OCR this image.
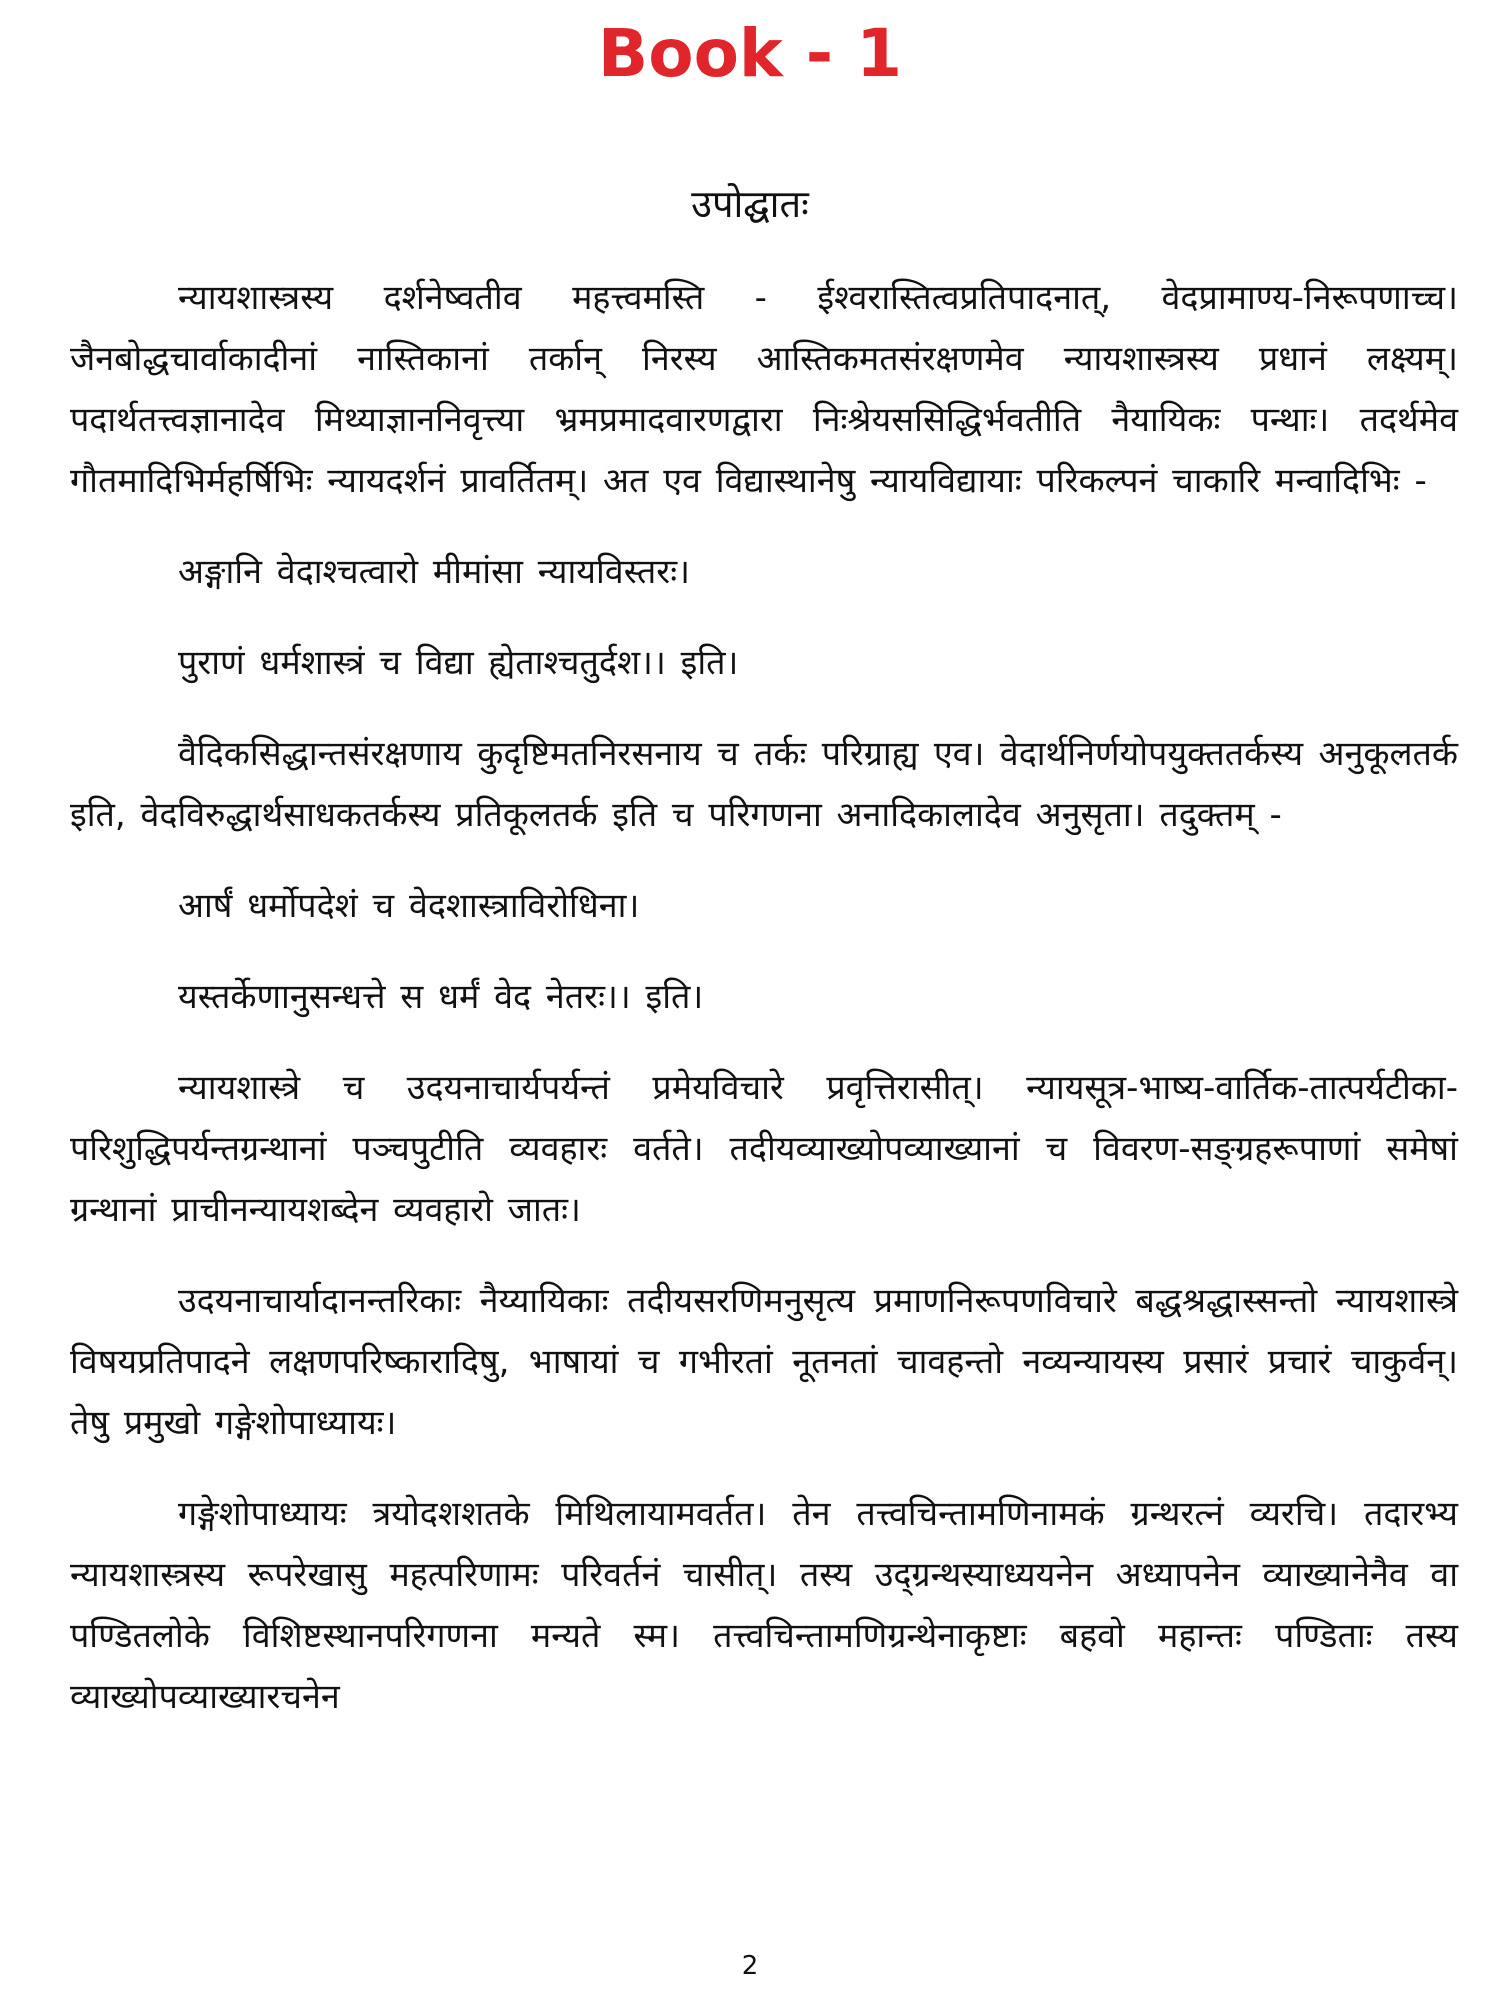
Book - 1
उपोद्घातः

न्यायशास्त्रस्य दर्शनेष्वतीव महत्त्वमस्ति - ईश्वरास्तित्वप्रतिपादनात्, वेदप्रामाण्य-निरूपणाच्च। जैनबोद्धचार्वाकादीनां नास्तिकानां तर्कान् निरस्य आस्तिकमतसंरक्षणमेव न्यायशास्त्रस्य प्रधानं लक्ष्यम्। पदार्थतत्त्वज्ञानादेव मिथ्याज्ञाननिवृत्त्या भ्रमप्रमादवारणद्वारा निःश्रेयससिद्धिर्भवतीति नैयायिकः पन्थाः। तदर्थमेव गौतमादिभिर्महर्षिभिः न्यायदर्शनं प्रावर्तितम्। अत एव विद्यास्थानेषु न्यायविद्यायाः परिकल्पनं चाकारि मन्वादिभिः -

अङ्गानि वेदाश्चत्वारो मीमांसा न्यायविस्तरः।

पुराणं धर्मशास्त्रं च विद्या ह्येताश्चतुर्दश।। इति।

वैदिकसिद्धान्तसंरक्षणाय कुदृष्टिमतनिरसनाय च तर्कः परिग्राह्य एव। वेदार्थनिर्णयोपयुक्ततर्कस्य अनुकूलतर्क इति, वेदविरुद्धार्थसाधकतर्कस्य प्रतिकूलतर्क इति च परिगणना अनादिकालादेव अनुसृता। तदुक्तम् -

आर्षं धर्मोपदेशं च वेदशास्त्राविरोधिना।

यस्तर्केणानुसन्धत्ते स धर्मं वेद नेतरः।। इति।

न्यायशास्त्रे च उदयनाचार्यपर्यन्तं प्रमेयविचारे प्रवृत्तिरासीत्। न्यायसूत्र-भाष्य-वार्तिक-तात्पर्यटीका-परिशुद्धिपर्यन्तग्रन्थानां पञ्चपुटीति व्यवहारः वर्तते। तदीयव्याख्योपव्याख्यानां च विवरण-सङ्ग्रहरूपाणां समेषां ग्रन्थानां प्राचीनन्यायशब्देन व्यवहारो जातः।

उदयनाचार्यादानन्तरिकाः नैय्यायिकाः तदीयसरणिमनुसृत्य प्रमाणनिरूपणविचारे बद्धश्रद्धास्सन्तो न्यायशास्त्रे विषयप्रतिपादने लक्षणपरिष्कारादिषु, भाषायां च गभीरतां नूतनतां चावहन्तो नव्यन्यायस्य प्रसारं प्रचारं चाकुर्वन्। तेषु प्रमुखो गङ्गेशोपाध्यायः।

गङ्गेशोपाध्यायः त्रयोदशशतके मिथिलायामवर्तत। तेन तत्त्वचिन्तामणिनामकं ग्रन्थरत्नं व्यरचि। तदारभ्य न्यायशास्त्रस्य रूपरेखासु महत्परिणामः परिवर्तनं चासीत्। तस्य उद्ग्रन्थस्याध्ययनेन अध्यापनेन व्याख्यानेनैव वा पण्डितलोके विशिष्टस्थानपरिगणना मन्यते स्म। तत्त्वचिन्तामणिग्रन्थेनाकृष्टाः बहवो महान्तः पण्डिताः तस्य व्याख्योपव्याख्यारचनेन

2
